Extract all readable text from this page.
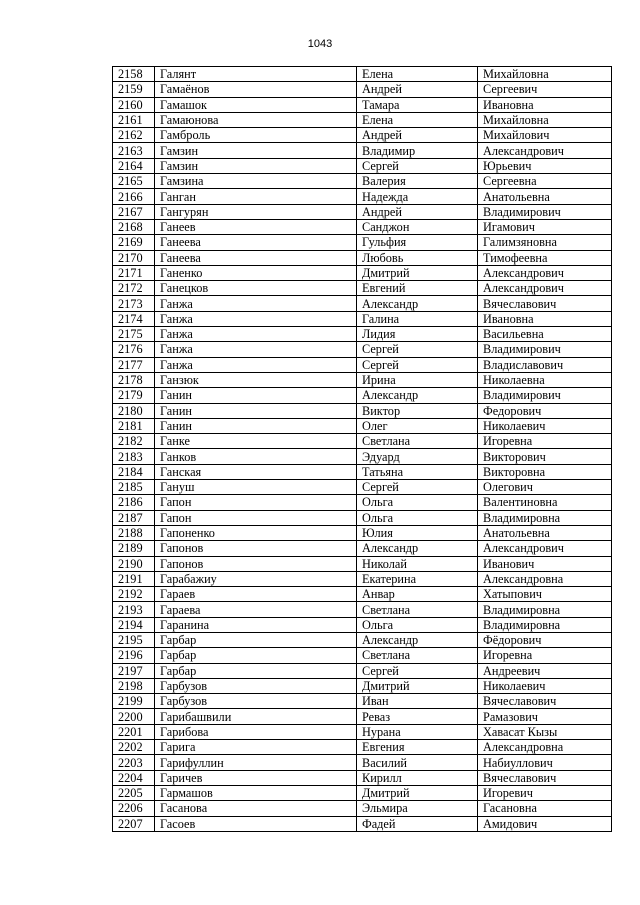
1043
2158	Галянт	Елена	Михайловна
2159	Гамаёнов	Андрей	Сергеевич
2160	Гамашок	Тамара	Ивановна
2161	Гамаюнова	Елена	Михайловна
2162	Гамброль	Андрей	Михайлович
2163	Гамзин	Владимир	Александрович
2164	Гамзин	Сергей	Юрьевич
2165	Гамзина	Валерия	Сергеевна
2166	Ганган	Надежда	Анатольевна
2167	Гангурян	Андрей	Владимирович
2168	Ганеев	Санджон	Игамович
2169	Ганеева	Гульфия	Галимзяновна
2170	Ганеева	Любовь	Тимофеевна
2171	Ганенко	Дмитрий	Александрович
2172	Ганецков	Евгений	Александрович
2173	Ганжа	Александр	Вячеславович
2174	Ганжа	Галина	Ивановна
2175	Ганжа	Лидия	Васильевна
2176	Ганжа	Сергей	Владимирович
2177	Ганжа	Сергей	Владиславович
2178	Ганзюк	Ирина	Николаевна
2179	Ганин	Александр	Владимирович
2180	Ганин	Виктор	Федорович
2181	Ганин	Олег	Николаевич
2182	Ганке	Светлана	Игоревна
2183	Ганков	Эдуард	Викторович
2184	Ганская	Татьяна	Викторовна
2185	Гануш	Сергей	Олегович
2186	Гапон	Ольга	Валентиновна
2187	Гапон	Ольга	Владимировна
2188	Гапоненко	Юлия	Анатольевна
2189	Гапонов	Александр	Александрович
2190	Гапонов	Николай	Иванович
2191	Гарабажиу	Екатерина	Александровна
2192	Гараев	Анвар	Хатыпович
2193	Гараева	Светлана	Владимировна
2194	Гаранина	Ольга	Владимировна
2195	Гарбар	Александр	Фёдорович
2196	Гарбар	Светлана	Игоревна
2197	Гарбар	Сергей	Андреевич
2198	Гарбузов	Дмитрий	Николаевич
2199	Гарбузов	Иван	Вячеславович
2200	Гарибашвили	Реваз	Рамазович
2201	Гарибова	Нурана	Хавасат Кызы
2202	Гарига	Евгения	Александровна
2203	Гарифуллин	Василий	Набиуллович
2204	Гаричев	Кирилл	Вячеславович
2205	Гармашов	Дмитрий	Игоревич
2206	Гасанова	Эльмира	Гасановна
2207	Гасоев	Фадей	Амидович
